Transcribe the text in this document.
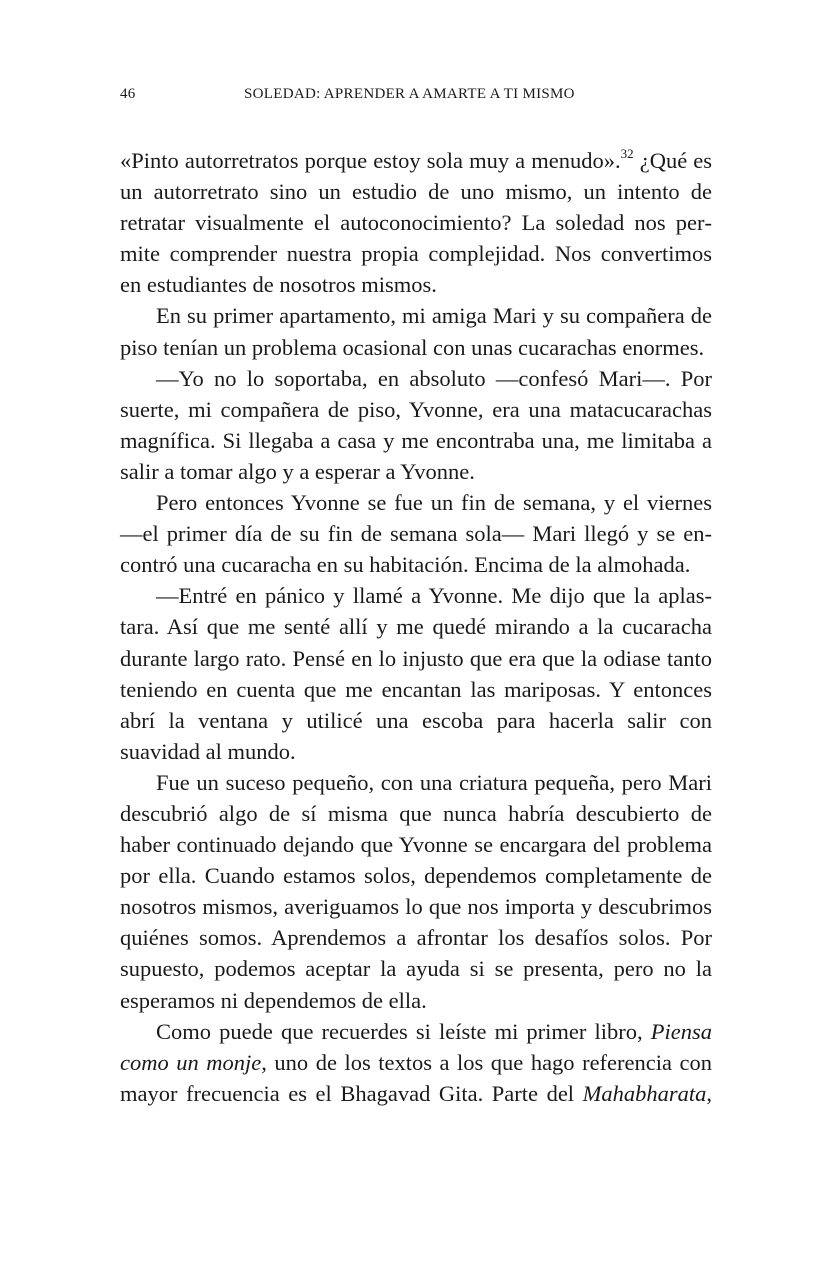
46	SOLEDAD: APRENDER A AMARTE A TI MISMO

«Pinto autorretratos porque estoy sola muy a menudo».$^{32}$ ¿Qué es un autorretrato sino un estudio de uno mismo, un intento de retratar visualmente el autoconocimiento? La soledad nos permite comprender nuestra propia complejidad. Nos convertimos en estudiantes de nosotros mismos.

En su primer apartamento, mi amiga Mari y su compañera de piso tenían un problema ocasional con unas cucarachas enormes.

—Yo no lo soportaba, en absoluto —confesó Mari—. Por suerte, mi compañera de piso, Yvonne, era una matacucarachas magnífica. Si llegaba a casa y me encontraba una, me limitaba a salir a tomar algo y a esperar a Yvonne.

Pero entonces Yvonne se fue un fin de semana, y el viernes —el primer día de su fin de semana sola— Mari llegó y se encontró una cucaracha en su habitación. Encima de la almohada.

—Entré en pánico y llamé a Yvonne. Me dijo que la aplastara. Así que me senté allí y me quedé mirando a la cucaracha durante largo rato. Pensé en lo injusto que era que la odiase tanto teniendo en cuenta que me encantan las mariposas. Y entonces abrí la ventana y utilicé una escoba para hacerla salir con suavidad al mundo.

Fue un suceso pequeño, con una criatura pequeña, pero Mari descubrió algo de sí misma que nunca habría descubierto de haber continuado dejando que Yvonne se encargara del problema por ella. Cuando estamos solos, dependemos completamente de nosotros mismos, averiguamos lo que nos importa y descubrimos quiénes somos. Aprendemos a afrontar los desafíos solos. Por supuesto, podemos aceptar la ayuda si se presenta, pero no la esperamos ni dependemos de ella.

Como puede que recuerdes si leíste mi primer libro, Piensa como un monje, uno de los textos a los que hago referencia con mayor frecuencia es el Bhagavad Gita. Parte del Mahabharata,
